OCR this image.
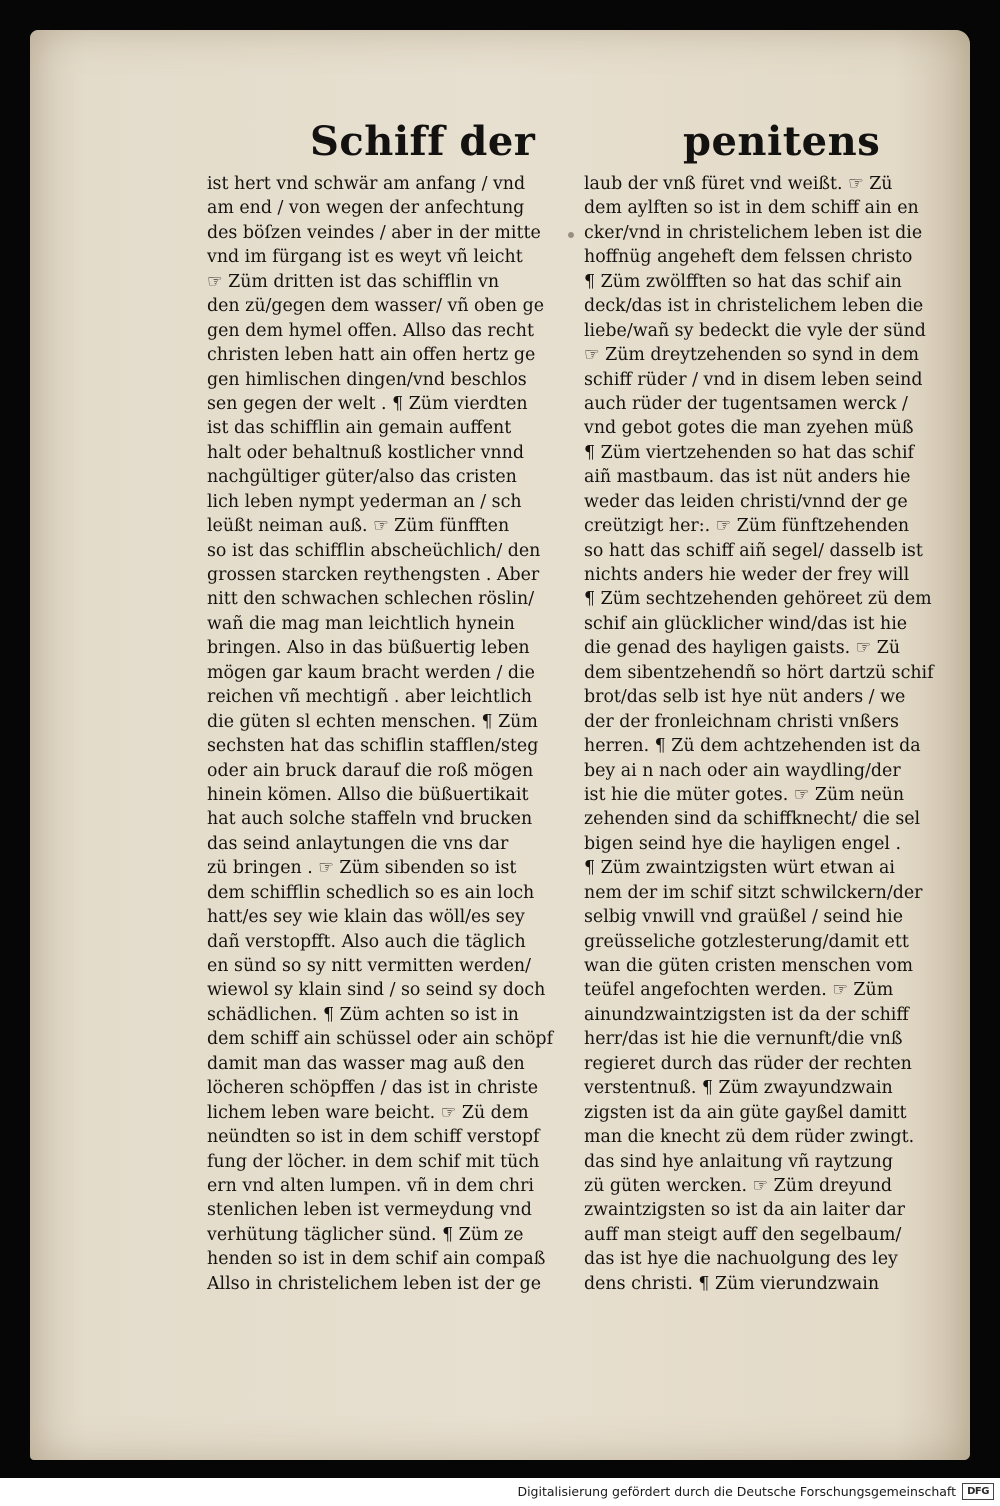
Schiff der	penitens
ist hert vnd schwär am anfang / vnd
am end / von wegen der anfechtung
des böſzen veindes / aber in der mitte
vnd im fürgang ist es weyt vñ leicht
☞ Züm dritten ist das schifflin vn
den zü/gegen dem wasser/ vñ oben ge
gen dem hymel offen. Allso das recht
christen leben hatt ain offen hertz ge
gen himlischen dingen/vnd beschlos
sen gegen der welt . ¶ Züm vierdten
ist das schifflin ain gemain auffent
halt oder behaltnuß kostlicher vnnd
nachgültiger güter/also das cristen
lich leben nympt yederman an / sch
leüßt neiman auß. ☞ Züm fünfften
so ist das schifflin abscheüchlich/ den
grossen starcken reythengsten . Aber
nitt den schwachen schlechen röslin/
wañ die mag man leichtlich hynein
bringen. Also in das büßuertig leben
mögen gar kaum bracht werden / die
reichen vñ mechtigñ . aber leichtlich
die güten sl echten menschen. ¶ Züm
sechsten hat das schiflin stafflen/steg
oder ain bruck darauf die roß mögen
hinein kömen. Allso die büßuertikait
hat auch solche staffeln vnd brucken
das seind anlaytungen die vns dar
zü bringen . ☞ Züm sibenden so ist
dem schifflin schedlich so es ain loch
hatt/es sey wie klain das wöll/es sey
dañ verstopfft. Also auch die täglich
en sünd so sy nitt vermitten werden/
wiewol sy klain sind / so seind sy doch
schädlichen. ¶ Züm achten so ist in
dem schiff ain schüssel oder ain schöpf
damit man das wasser mag auß den
löcheren schöpffen / das ist in christe
lichem leben ware beicht. ☞ Zü dem
neündten so ist in dem schiff verstopf
fung der löcher. in dem schif mit tüch
ern vnd alten lumpen. vñ in dem chri
stenlichen leben ist vermeydung vnd
verhütung täglicher sünd. ¶ Züm ze
henden so ist in dem schif ain compaß
Allso in christelichem leben ist der ge
laub der vnß füret vnd weißt. ☞ Zü
dem aylften so ist in dem schiff ain en
cker/vnd in christelichem leben ist die
hoffnüg angeheft dem felssen christo
¶ Züm zwölfften so hat das schif ain
deck/das ist in christelichem leben die
liebe/wañ sy bedeckt die vyle der sünd
☞ Züm dreytzehenden so synd in dem
schiff rüder / vnd in disem leben seind
auch rüder der tugentsamen werck /
vnd gebot gotes die man zyehen müß
¶ Züm viertzehenden so hat das schif
aiñ mastbaum. das ist nüt anders hie
weder das leiden christi/vnnd der ge
creützigt her:. ☞ Züm fünftzehenden
so hatt das schiff aiñ segel/ dasselb ist
nichts anders hie weder der frey will
¶ Züm sechtzehenden gehöreet zü dem
schif ain glücklicher wind/das ist hie
die genad des hayligen gaists. ☞ Zü
dem sibentzehendñ so hört dartzü schif
brot/das selb ist hye nüt anders / we
der der fronleichnam christi vnßers
herren. ¶ Zü dem achtzehenden ist da
bey ai n nach oder ain waydling/der
ist hie die müter gotes. ☞ Züm neün
zehenden sind da schiffknecht/ die sel
bigen seind hye die hayligen engel .
¶ Züm zwaintzigsten würt etwan ai
nem der im schif sitzt schwilckern/der
selbig vnwill vnd graüßel / seind hie
greüsseliche gotzlesterung/damit ett
wan die güten cristen menschen vom
teüfel angefochten werden. ☞ Züm
ainundzwaintzigsten ist da der schiff
herr/das ist hie die vernunft/die vnß
regieret durch das rüder der rechten
verstentnuß. ¶ Züm zwayundzwain
zigsten ist da ain güte gayßel damitt
man die knecht zü dem rüder zwingt.
das sind hye anlaitung vñ raytzung
zü güten wercken. ☞ Züm dreyund
zwaintzigsten so ist da ain laiter dar
auff man steigt auff den segelbaum/
das ist hye die nachuolgung des ley
dens christi. ¶ Züm vierundzwain
Digitalisierung gefördert durch die Deutsche Forschungsgemeinschaft	DFG
